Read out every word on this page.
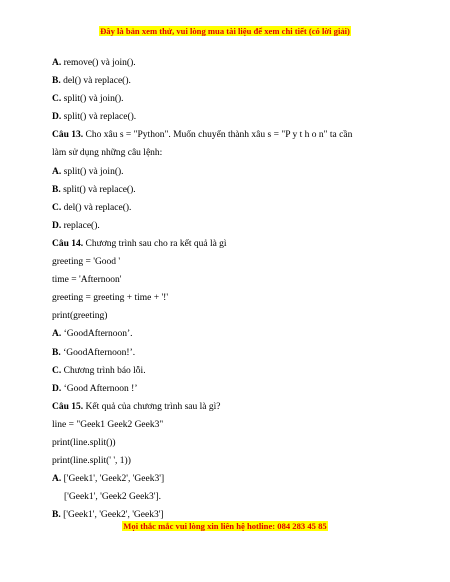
Đây là bản xem thử, vui lòng mua tài liệu để xem chi tiết (có lời giải)
A. remove() và join().
B. del() và replace().
C. split() và join().
D. split() và replace().
Câu 13. Cho xâu s = "Python". Muốn chuyển thành xâu s = "P y t h o n" ta cần
làm sử dụng những câu lệnh:
A. split() và join().
B. split() và replace().
C. del() và replace().
D. replace().
Câu 14. Chương trình sau cho ra kết quả là gì
greeting = 'Good '
time = 'Afternoon'
greeting = greeting + time + '!'
print(greeting)
A. ‘GoodAfternoon’.
B. ‘GoodAfternoon!’.
C. Chương trình báo lỗi.
D. ‘Good Afternoon !’
Câu 15. Kết quả của chương trình sau là gì?
line = "Geek1 Geek2 Geek3"
print(line.split())
print(line.split(' ', 1))
A. ['Geek1', 'Geek2', 'Geek3']
['Geek1', 'Geek2 Geek3'].
B. ['Geek1', 'Geek2', 'Geek3']
Mọi thắc mắc vui lòng xin liên hệ hotline: 084 283 45 85
